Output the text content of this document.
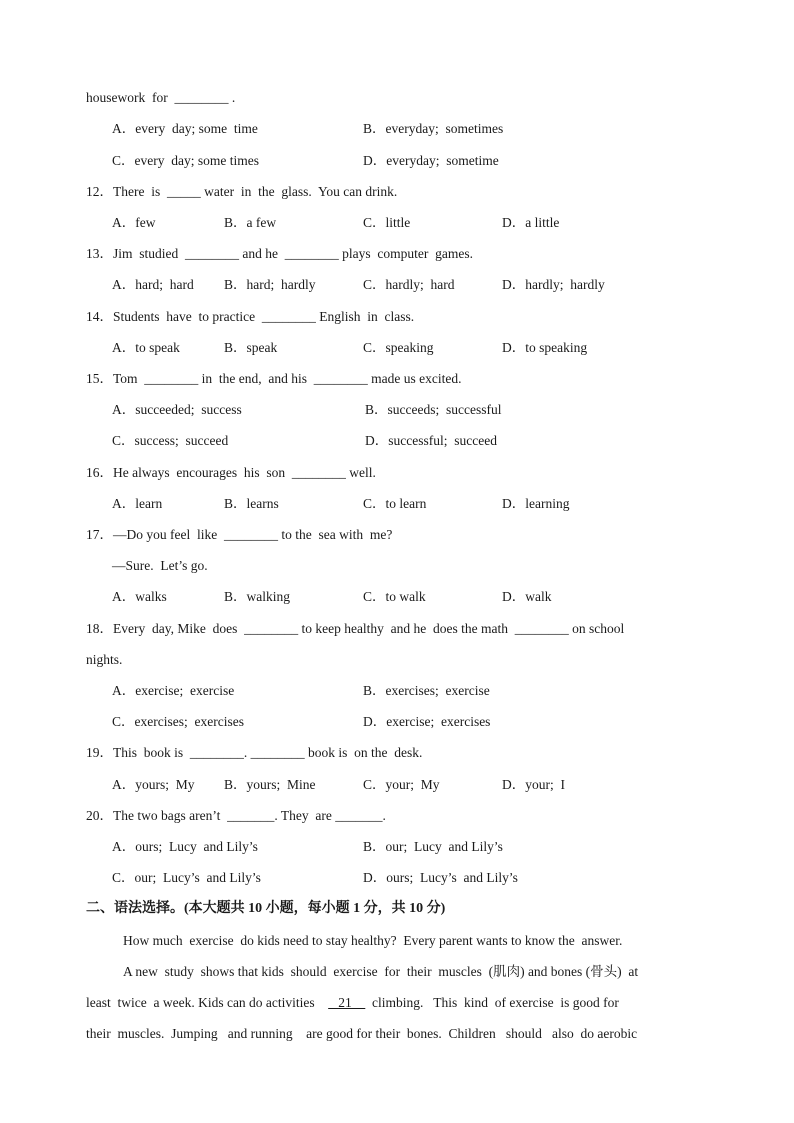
housework  for  ________ .
A．every  day; some  time	B．everyday;  sometimes
C．every  day; some times	D．everyday;  sometime
12．There  is  _____ water  in  the  glass.  You can drink.
A．few	B．a few	C．little	D．a little
13．Jim  studied  ________ and he  ________ plays  computer  games.
A．hard;  hard B．hard;  hardly	C．hardly;  hard	D．hardly;  hardly
14．Students  have  to practice  ________ English  in  class.
A．to speak	B．speak	C．speaking	D．to speaking
15．Tom  ________ in  the end,  and his  ________ made us excited.
A．succeeded;  success	B．succeeds;  successful
C．success;  succeed	D．successful;  succeed
16．He always  encourages  his  son  ________ well.
A．learn	B．learns	C．to learn	D．learning
17．—Do you feel  like  ________ to the  sea with  me?
—Sure.  Let’s go.
A．walks	B．walking	C．to walk	D．walk
18．Every  day, Mike  does  ________ to keep healthy  and he  does the math  ________ on school
nights.
A．exercise;  exercise	B．exercises;  exercise
C．exercises;  exercises	D．exercise;  exercises
19．This  book is  ________. ________ book is  on the  desk.
A．yours;  My B．yours;  Mine	C．your;  My	D．your;  I
20．The two bags aren’t  _______. They  are _______.
A．ours;  Lucy  and Lily’s	B．our;  Lucy  and Lily’s
C．our;  Lucy’s  and Lily’s	D．ours;  Lucy’s  and Lily’s
二、语法选择。(本大题共 10 小题，每小题 1 分，共 10 分)
How much  exercise  do kids need to stay healthy?  Every parent wants to know the  answer.
A new  study  shows that kids  should  exercise  for  their  muscles  (肌肉) and bones (骨头)  at
least  twice  a week. Kids can do activities       21      climbing.   This  kind  of exercise  is good for
their  muscles.  Jumping   and running    are good for their  bones.  Children   should   also  do aerobic
